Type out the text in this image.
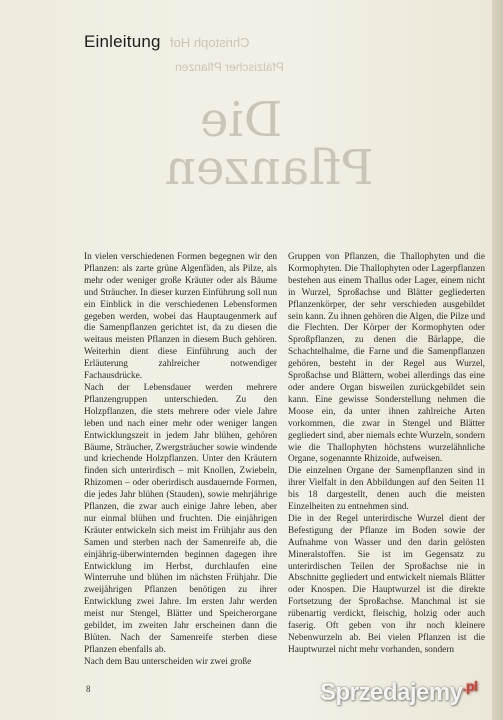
Christoph Hof

Pfälzischer Pflanzen

Die

Pflanzen

Einleitung

In vielen verschiedenen Formen begegnen wir den Pflanzen: als zarte grüne Algenfäden, als Pilze, als mehr oder weniger große Kräuter oder als Bäume und Sträucher. In dieser kurzen Einführung soll nun ein Einblick in die verschiedenen Lebensformen gegeben werden, wobei das Hauptaugenmerk auf die Samenpflanzen gerichtet ist, da zu diesen die weitaus meisten Pflanzen in diesem Buch gehören. Weiterhin dient diese Einführung auch der Erläuterung zahlreicher notwendiger Fachausdrücke.

Nach der Lebensdauer werden mehrere Pflanzengruppen unterschieden. Zu den Holzpflanzen, die stets mehrere oder viele Jahre leben und nach einer mehr oder weniger langen Entwicklungszeit in jedem Jahr blühen, gehören Bäume, Sträucher, Zwergsträucher sowie windende und kriechende Holzpflanzen. Unter den Kräutern finden sich unterirdisch – mit Knollen, Zwiebeln, Rhizomen – oder oberirdisch ausdauernde Formen, die jedes Jahr blühen (Stauden), sowie mehrjährige Pflanzen, die zwar auch einige Jahre leben, aber nur einmal blühen und fruchten. Die einjährigen Kräuter entwickeln sich meist im Frühjahr aus den Samen und sterben nach der Samenreife ab, die einjährig-überwinternden beginnen dagegen ihre Entwicklung im Herbst, durchlaufen eine Winterruhe und blühen im nächsten Frühjahr. Die zweijährigen Pflanzen benötigen zu ihrer Entwicklung zwei Jahre. Im ersten Jahr werden meist nur Stengel, Blätter und Speicherorgane gebildet, im zweiten Jahr erscheinen dann die Blüten. Nach der Samenreife sterben diese Pflanzen ebenfalls ab.

Nach dem Bau unterscheiden wir zwei große

Gruppen von Pflanzen, die Thallophyten und die Kormophyten. Die Thallophyten oder Lagerpflanzen bestehen aus einem Thallus oder Lager, einem nicht in Wurzel, Sproßachse und Blätter gegliederten Pflanzenkörper, der sehr verschieden ausgebildet sein kann. Zu ihnen gehören die Algen, die Pilze und die Flechten. Der Körper der Kormophyten oder Sproßpflanzen, zu denen die Bärlappe, die Schachtelhalme, die Farne und die Samenpflanzen gehören, besteht in der Regel aus Wurzel, Sproßachse und Blättern, wobei allerdings das eine oder andere Organ bisweilen zurückgebildet sein kann. Eine gewisse Sonderstellung nehmen die Moose ein, da unter ihnen zahlreiche Arten vorkommen, die zwar in Stengel und Blätter gegliedert sind, aber niemals echte Wurzeln, sondern wie die Thallophyten höchstens wurzelähnliche Organe, sogenannte Rhizoide, aufweisen.

Die einzelnen Organe der Samenpflanzen sind in ihrer Vielfalt in den Abbildungen auf den Seiten 11 bis 18 dargestellt, denen auch die meisten Einzelheiten zu entnehmen sind.

Die in der Regel unterirdische Wurzel dient der Befestigung der Pflanze im Boden sowie der Aufnahme von Wasser und den darin gelösten Mineralstoffen. Sie ist im Gegensatz zu unterirdischen Teilen der Sproßachse nie in Abschnitte gegliedert und entwickelt niemals Blätter oder Knospen. Die Hauptwurzel ist die direkte Fortsetzung der Sproßachse. Manchmal ist sie rübenartig verdickt, fleischig, holzig oder auch faserig. Oft geben von ihr noch kleinere Nebenwurzeln ab. Bei vielen Pflanzen ist die Hauptwurzel nicht mehr vorhanden, sondern

8	Sprzedajemy$^{.pl}$
